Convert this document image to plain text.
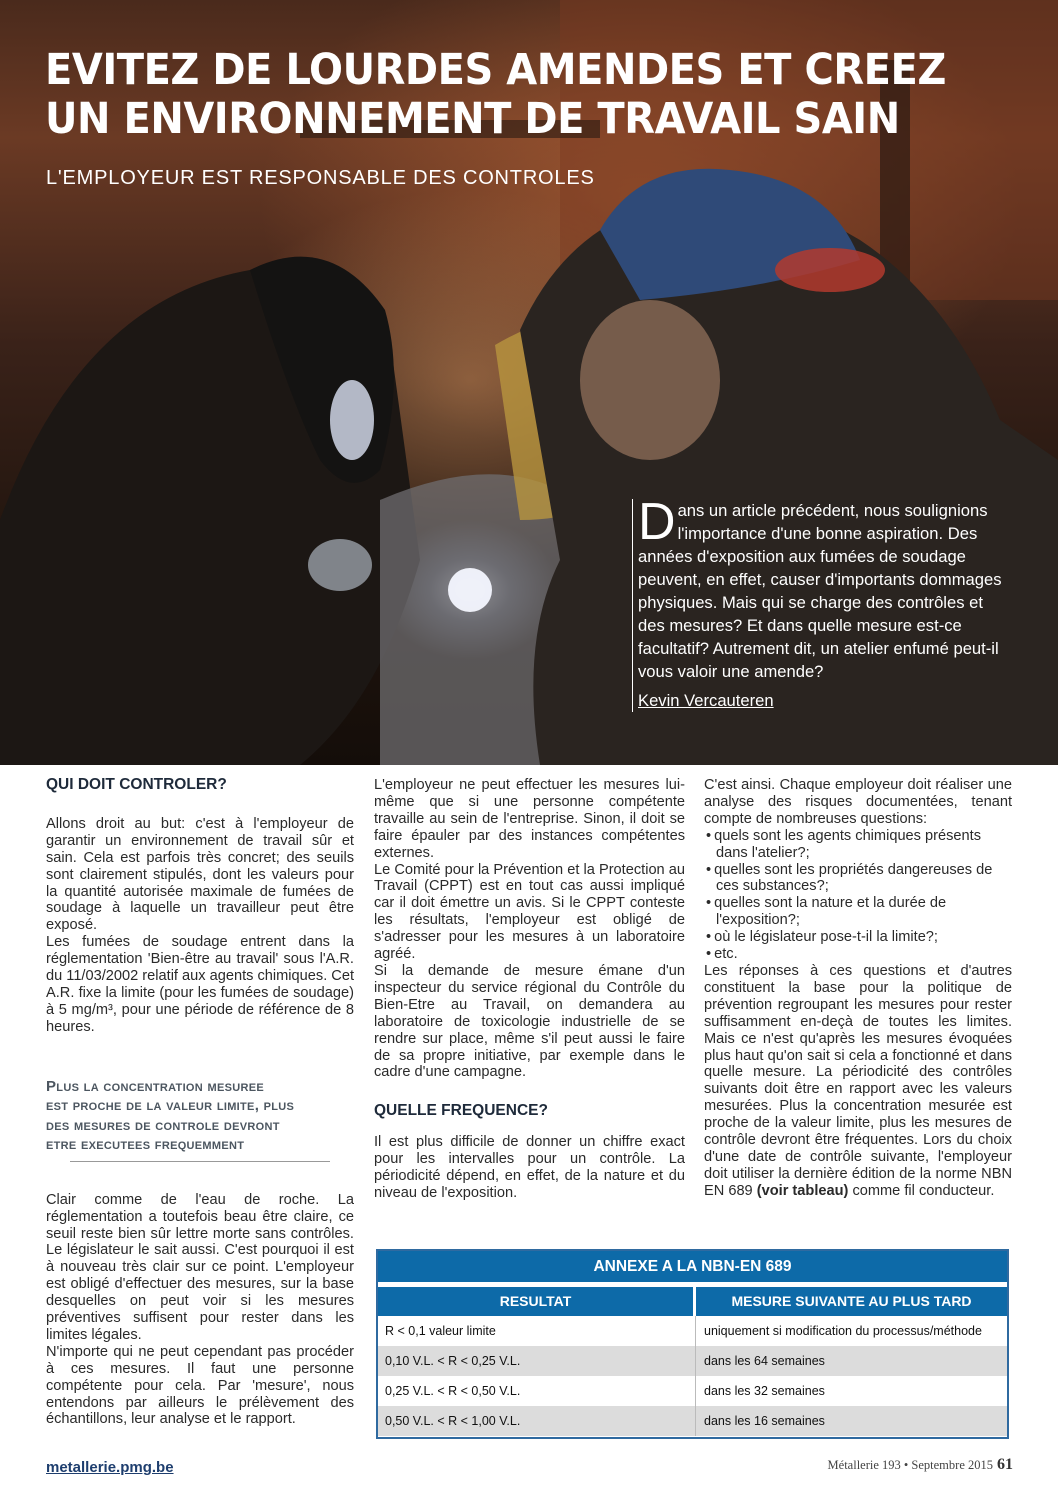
EVITEZ DE LOURDES AMENDES ET CREEZ
UN ENVIRONNEMENT DE TRAVAIL SAIN
L'EMPLOYEUR EST RESPONSABLE DES CONTROLES

Dans un article précédent, nous soulignions l'importance d'une bonne aspiration. Des années d'exposition aux fumées de soudage peuvent, en effet, causer d'importants dommages physiques. Mais qui se charge des contrôles et des mesures? Et dans quelle mesure est-ce facultatif? Autrement dit, un atelier enfumé peut-il vous valoir une amende?

Kevin Vercauteren

QUI DOIT CONTROLER?

Allons droit au but: c'est à l'employeur de garantir un environnement de travail sûr et sain. Cela est parfois très concret; des seuils sont clairement stipulés, dont les valeurs pour la quantité autorisée maximale de fumées de soudage à laquelle un travailleur peut être exposé.

Les fumées de soudage entrent dans la réglementation 'Bien-être au travail' sous l'A.R. du 11/03/2002 relatif aux agents chimiques. Cet A.R. fixe la limite (pour les fumées de soudage) à 5 mg/m³, pour une période de référence de 8 heures.

Plus la concentration mesuree

est proche de la valeur limite, plus

des mesures de controle devront

etre executees frequemment

Clair comme de l'eau de roche. La réglementation a toutefois beau être claire, ce seuil reste bien sûr lettre morte sans contrôles. Le législateur le sait aussi. C'est pourquoi il est à nouveau très clair sur ce point. L'employeur est obligé d'effectuer des mesures, sur la base desquelles on peut voir si les mesures préventives suffisent pour rester dans les limites légales.

N'importe qui ne peut cependant pas procéder à ces mesures. Il faut une personne compétente pour cela. Par 'mesure', nous entendons par ailleurs le prélèvement des échantillons, leur analyse et le rapport.

L'employeur ne peut effectuer les mesures lui-même que si une personne compétente travaille au sein de l'entreprise. Sinon, il doit se faire épauler par des instances compétentes externes.

Le Comité pour la Prévention et la Protection au Travail (CPPT) est en tout cas aussi impliqué car il doit émettre un avis. Si le CPPT conteste les résultats, l'employeur est obligé de s'adresser pour les mesures à un laboratoire agréé.

Si la demande de mesure émane d'un inspecteur du service régional du Contrôle du Bien-Etre au Travail, on demandera au laboratoire de toxicologie industrielle de se rendre sur place, même s'il peut aussi le faire de sa propre initiative, par exemple dans le cadre d'une campagne.

QUELLE FREQUENCE?

Il est plus difficile de donner un chiffre exact pour les intervalles pour un contrôle. La périodicité dépend, en effet, de la nature et du niveau de l'exposition.

C'est ainsi. Chaque employeur doit réaliser une analyse des risques documentées, tenant compte de nombreuses questions:

• quels sont les agents chimiques présents dans l'atelier?;
• quelles sont les propriétés dangereuses de ces substances?;
• quelles sont la nature et la durée de l'exposition?;
• où le législateur pose-t-il la limite?;
• etc.

Les réponses à ces questions et d'autres constituent la base pour la politique de prévention regroupant les mesures pour rester suffisamment en-deçà de toutes les limites. Mais ce n'est qu'après les mesures évoquées plus haut qu'on sait si cela a fonctionné et dans quelle mesure. La périodicité des contrôles suivants doit être en rapport avec les valeurs mesurées. Plus la concentration mesurée est proche de la valeur limite, plus les mesures de contrôle devront être fréquentes. Lors du choix d'une date de contrôle suivante, l'employeur doit utiliser la dernière édition de la norme NBN EN 689 (voir tableau) comme fil conducteur.

ANNEXE A LA NBN-EN 689
RESULTAT	MESURE SUIVANTE AU PLUS TARD
R < 0,1 valeur limite	uniquement si modification du processus/méthode
0,10 V.L. < R < 0,25 V.L.	dans les 64 semaines
0,25 V.L. < R < 0,50 V.L.	dans les 32 semaines
0,50 V.L. < R < 1,00 V.L.	dans les 16 semaines
metallerie.pmg.be	Métallerie 193 • Septembre 2015 61
